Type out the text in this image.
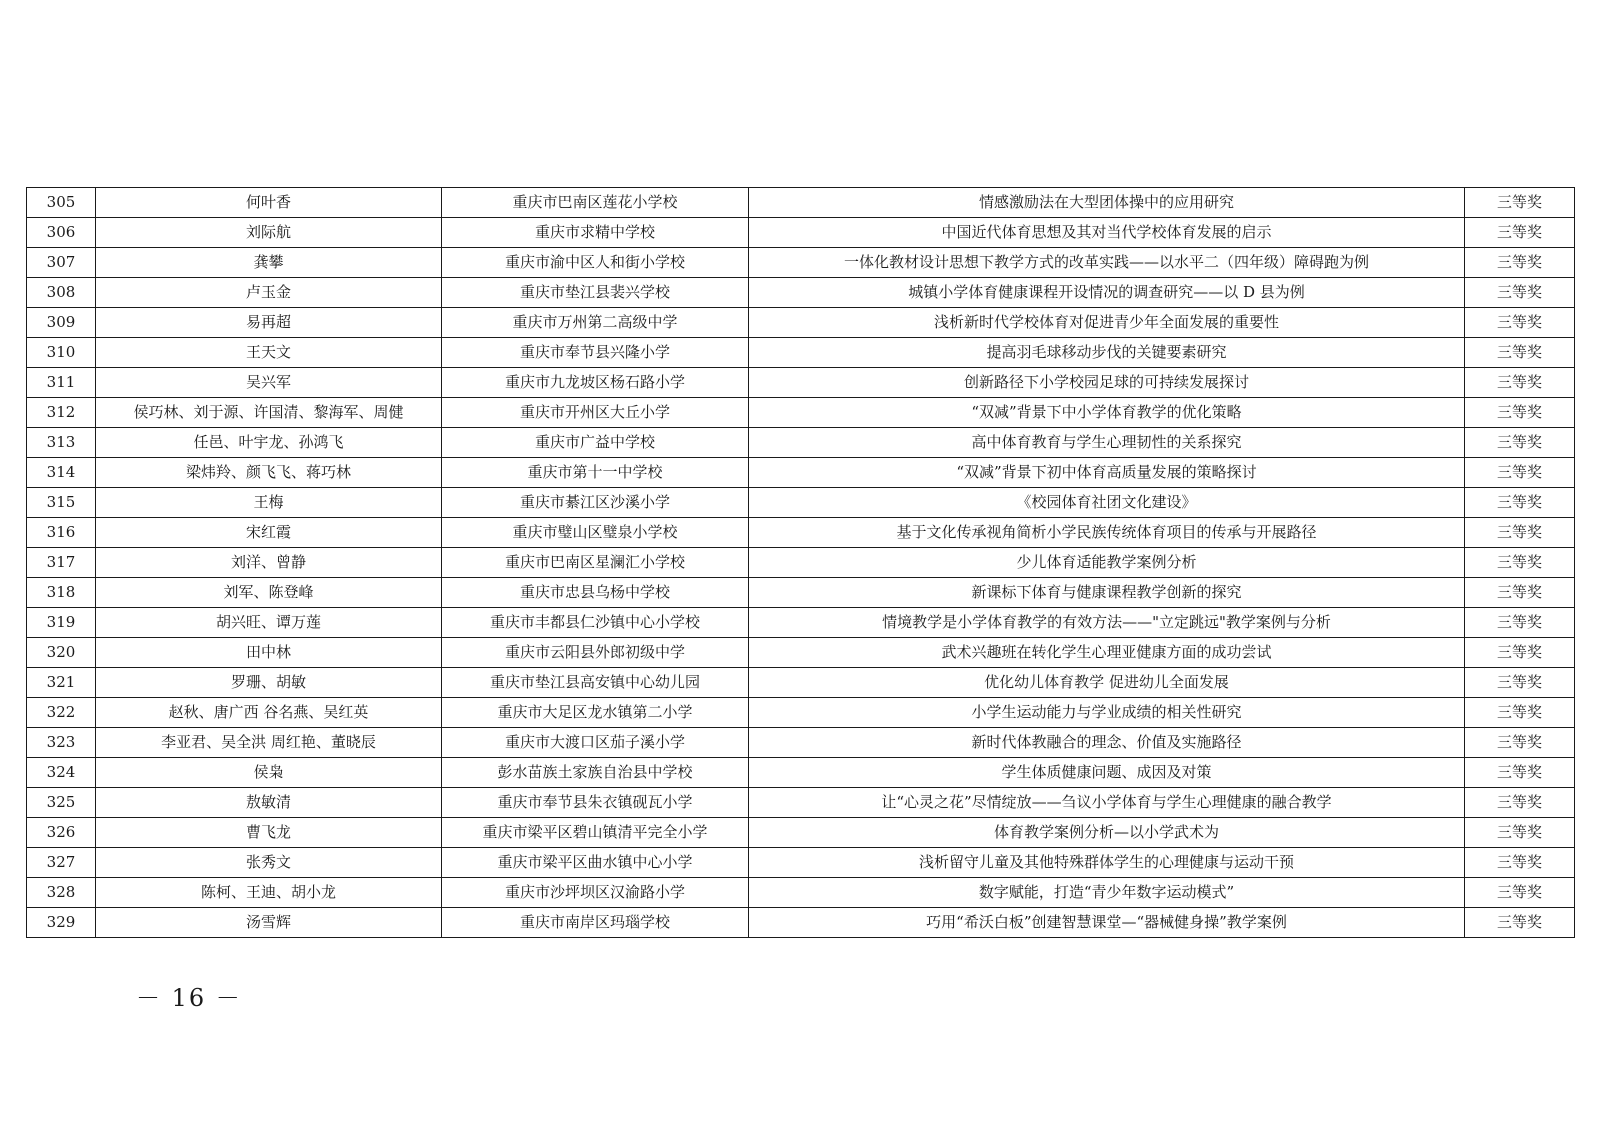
305	何叶香	重庆市巴南区莲花小学校	情感激励法在大型团体操中的应用研究	三等奖
306	刘际航	重庆市求精中学校	中国近代体育思想及其对当代学校体育发展的启示	三等奖
307	龚攀	重庆市渝中区人和街小学校	一体化教材设计思想下教学方式的改革实践——以水平二（四年级）障碍跑为例	三等奖
308	卢玉金	重庆市垫江县裴兴学校	城镇小学体育健康课程开设情况的调查研究——以 D 县为例	三等奖
309	易再超	重庆市万州第二高级中学	浅析新时代学校体育对促进青少年全面发展的重要性	三等奖
310	王天文	重庆市奉节县兴隆小学	提高羽毛球移动步伐的关键要素研究	三等奖
311	吴兴军	重庆市九龙坡区杨石路小学	创新路径下小学校园足球的可持续发展探讨	三等奖
312	侯巧林、刘于源、许国清、黎海军、周健	重庆市开州区大丘小学	“双减”背景下中小学体育教学的优化策略	三等奖
313	任邑、叶宇龙、孙鸿飞	重庆市广益中学校	高中体育教育与学生心理韧性的关系探究	三等奖
314	梁炜羚、颜飞飞、蒋巧林	重庆市第十一中学校	“双减”背景下初中体育高质量发展的策略探讨	三等奖
315	王梅	重庆市綦江区沙溪小学	《校园体育社团文化建设》	三等奖
316	宋红霞	重庆市璧山区璧泉小学校	基于文化传承视角简析小学民族传统体育项目的传承与开展路径	三等奖
317	刘洋、曾静	重庆市巴南区星澜汇小学校	少儿体育适能教学案例分析	三等奖
318	刘军、陈登峰	重庆市忠县乌杨中学校	新课标下体育与健康课程教学创新的探究	三等奖
319	胡兴旺、谭万莲	重庆市丰都县仁沙镇中心小学校	情境教学是小学体育教学的有效方法——"立定跳远"教学案例与分析	三等奖
320	田中林	重庆市云阳县外郎初级中学	武术兴趣班在转化学生心理亚健康方面的成功尝试	三等奖
321	罗珊、胡敏	重庆市垫江县高安镇中心幼儿园	优化幼儿体育教学 促进幼儿全面发展	三等奖
322	赵秋、唐广西 谷名燕、吴红英	重庆市大足区龙水镇第二小学	小学生运动能力与学业成绩的相关性研究	三等奖
323	李亚君、吴全洪 周红艳、董晓辰	重庆市大渡口区茄子溪小学	新时代体教融合的理念、价值及实施路径	三等奖
324	侯枭	彭水苗族土家族自治县中学校	学生体质健康问题、成因及对策	三等奖
325	敖敏清	重庆市奉节县朱衣镇砚瓦小学	让“心灵之花”尽情绽放——刍议小学体育与学生心理健康的融合教学	三等奖
326	曹飞龙	重庆市梁平区碧山镇清平完全小学	体育教学案例分析—以小学武术为	三等奖
327	张秀文	重庆市梁平区曲水镇中心小学	浅析留守儿童及其他特殊群体学生的心理健康与运动干预	三等奖
328	陈柯、王迪、胡小龙	重庆市沙坪坝区汉渝路小学	数字赋能，打造“青少年数字运动模式”	三等奖
329	汤雪辉	重庆市南岸区玛瑙学校	巧用“希沃白板”创建智慧课堂—“器械健身操”教学案例	三等奖
－ 16 －
